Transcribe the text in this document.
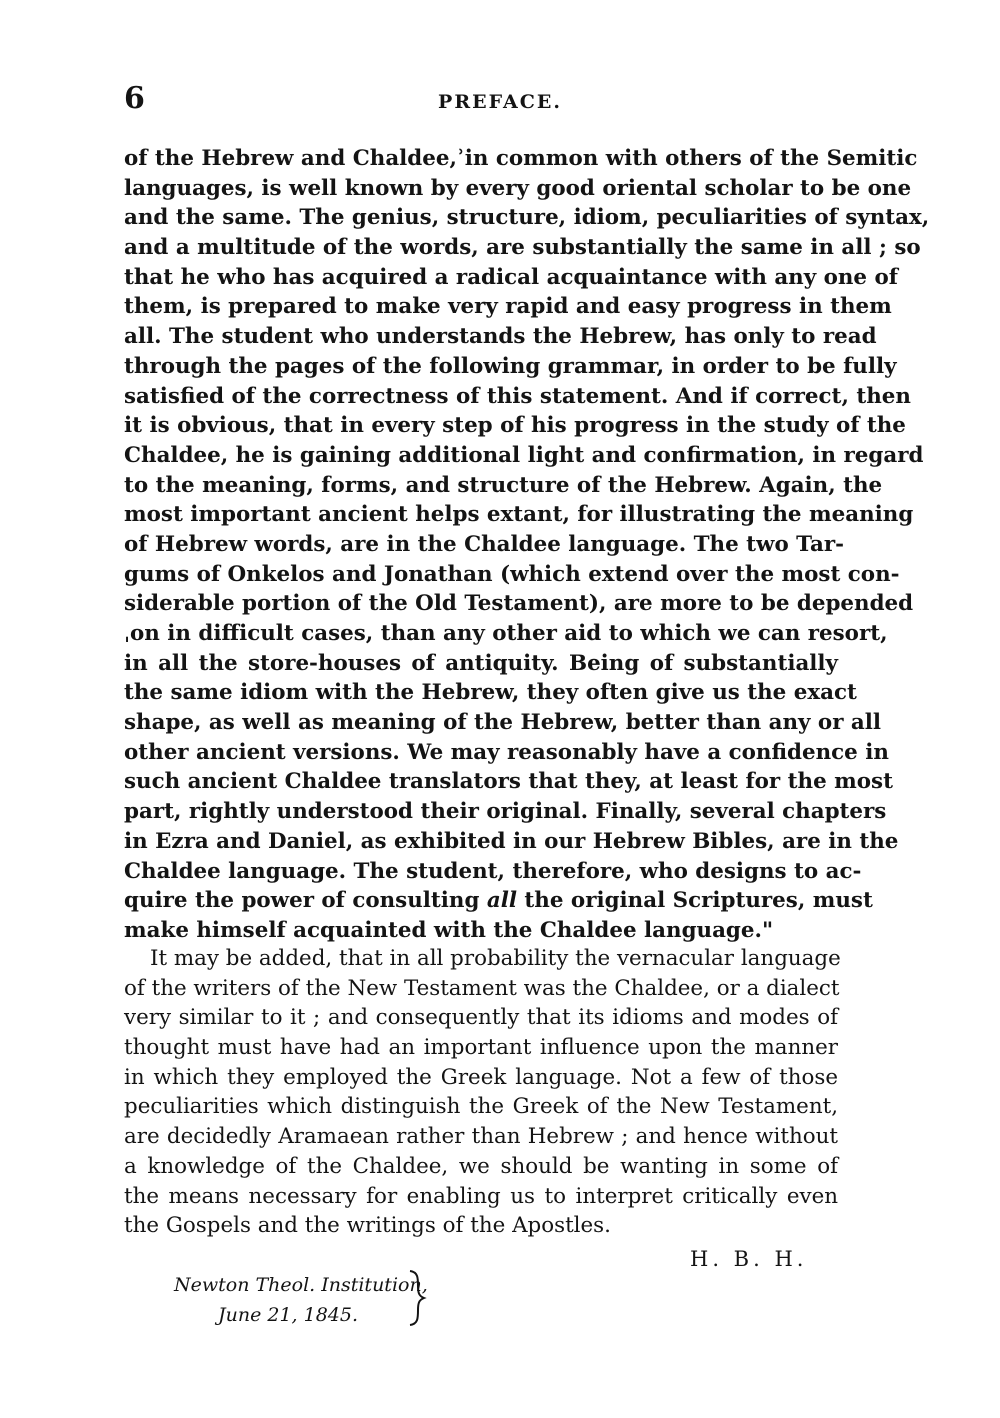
6	PREFACE.
of the Hebrew and Chaldee,ʾin common with others of the Semitic
languages, is well known by every good oriental scholar to be one
and the same. The genius, structure, idiom, peculiarities of syntax,
and a multitude of the words, are substantially the same in all ; so
that he who has acquired a radical acquaintance with any one of
them, is prepared to make very rapid and easy progress in them
all. The student who understands the Hebrew, has only to read
through the pages of the following grammar, in order to be fully
satisfied of the correctness of this statement. And if correct, then
it is obvious, that in every step of his progress in the study of the
Chaldee, he is gaining additional light and confirmation, in regard
to the meaning, forms, and structure of the Hebrew. Again, the
most important ancient helps extant, for illustrating the meaning
of Hebrew words, are in the Chaldee language. The two Tar-
gums of Onkelos and Jonathan (which extend over the most con-
siderable portion of the Old Testament), are more to be depended
ˌon in difficult cases, than any other aid to which we can resort,
in all the store-houses of antiquity. Being of substantially
the same idiom with the Hebrew, they often give us the exact
shape, as well as meaning of the Hebrew, better than any or all
other ancient versions. We may reasonably have a confidence in
such ancient Chaldee translators that they, at least for the most
part, rightly understood their original. Finally, several chapters
in Ezra and Daniel, as exhibited in our Hebrew Bibles, are in the
Chaldee language. The student, therefore, who designs to ac-
quire the power of consulting all the original Scriptures, must
make himself acquainted with the Chaldee language."
It may be added, that in all probability the vernacular language
of the writers of the New Testament was the Chaldee, or a dialect
very similar to it ; and consequently that its idioms and modes of
thought must have had an important influence upon the manner
in which they employed the Greek language. Not a few of those
peculiarities which distinguish the Greek of the New Testament,
are decidedly Aramaean rather than Hebrew ; and hence without
a knowledge of the Chaldee, we should be wanting in some of
the means necessary for enabling us to interpret critically even
the Gospels and the writings of the Apostles.
H. B. H.
Newton Theol. Institution,
June 21, 1845.
